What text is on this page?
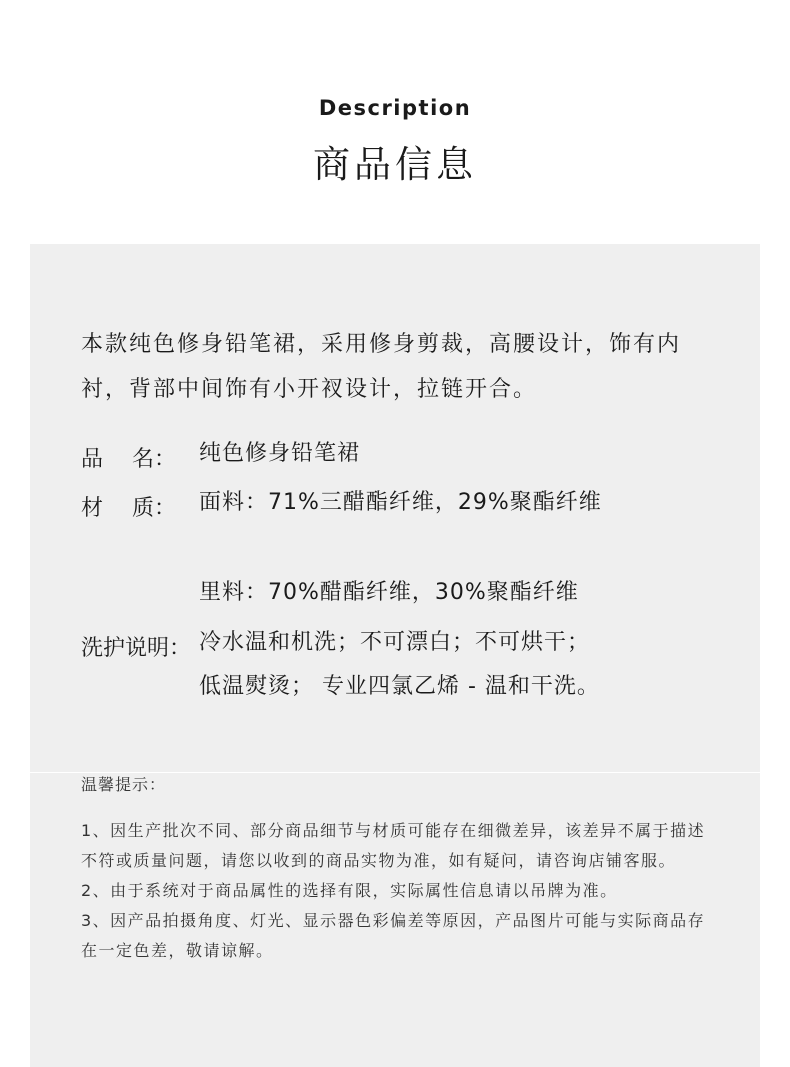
Description
商品信息
本款纯色修身铅笔裙，采用修身剪裁，高腰设计，饰有内衬，背部中间饰有小开衩设计，拉链开合。
品　 名：	纯色修身铅笔裙
材　 质：	面料：71%三醋酯纤维，29%聚酯纤维
里料：70%醋酯纤维，30%聚酯纤维
洗护说明： 冷水温和机洗；不可漂白；不可烘干；
低温熨烫； 专业四氯乙烯 - 温和干洗。
温馨提示：
1、因生产批次不同、部分商品细节与材质可能存在细微差异，该差异不属于描述不符或质量问题，请您以收到的商品实物为准，如有疑问，请咨询店铺客服。
2、由于系统对于商品属性的选择有限，实际属性信息请以吊牌为准。
3、因产品拍摄角度、灯光、显示器色彩偏差等原因，产品图片可能与实际商品存在一定色差，敬请谅解。
